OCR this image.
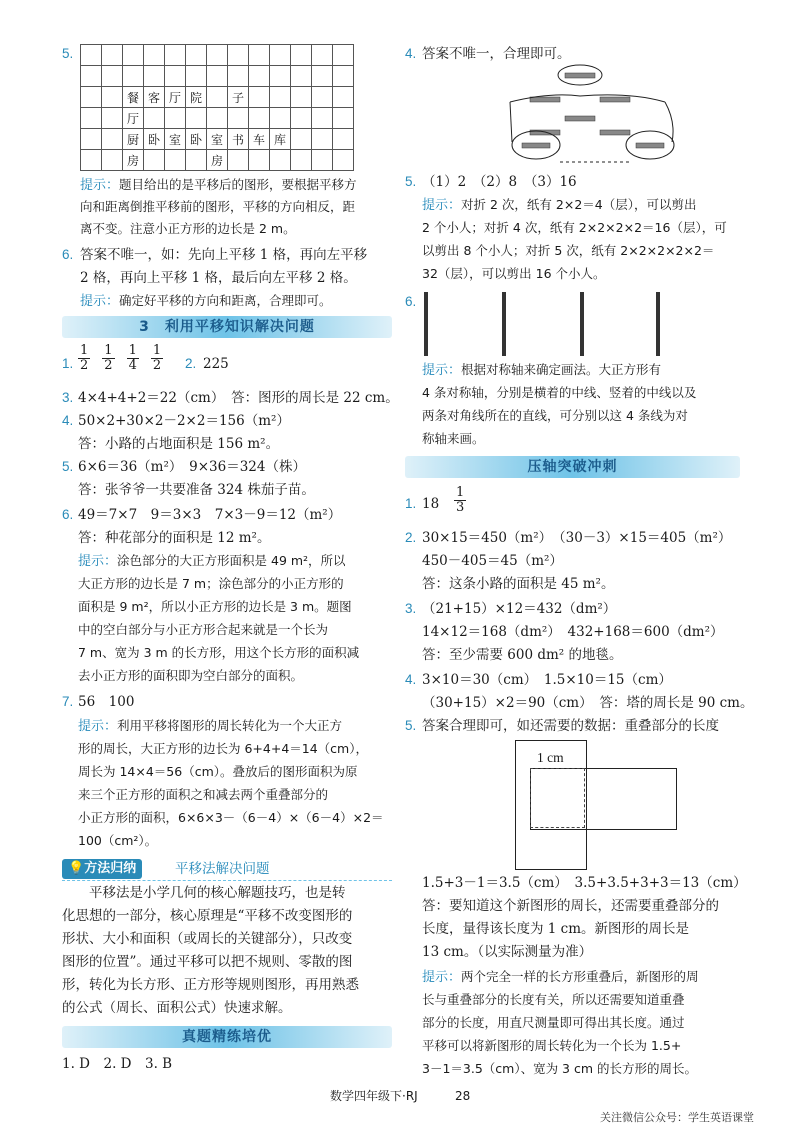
5.

		餐	客	厅	院		子					
		厅										
		厨	卧	室	卧	室	书	车	库			
		房				房						
提示：题目给出的是平移后的图形，要根据平移方
向和距离倒推平移前的图形，平移的方向相反，距
离不变。注意小正方形的边长是 2 m。
6. 答案不唯一，如：先向上平移 1 格，再向左平移
2 格，再向上平移 1 格，最后向左平移 2 格。
提示：确定好平移的方向和距离，合理即可。
3　利用平移知识解决问题
1. $\frac{1}{2} \frac{1}{2} \frac{1}{4} \frac{1}{2} 2$. 225
3. 4×4+4+2＝22（cm）　答：图形的周长是 22 cm。
4. 50×2+30×2－2×2＝156（m²）
答：小路的占地面积是 156 m²。
5. 6×6＝36（m²）　9×36＝324（株）
答：张爷爷一共要准备 324 株茄子苗。
6. 49＝7×7　9＝3×3　7×3－9＝12（m²）
答：种花部分的面积是 12 m²。
提示：涂色部分的大正方形面积是 49 m²，所以
大正方形的边长是 7 m；涂色部分的小正方形的
面积是 9 m²，所以小正方形的边长是 3 m。题图
中的空白部分与小正方形合起来就是一个长为
7 m、宽为 3 m 的长方形，用这个长方形的面积减
去小正方形的面积即为空白部分的面积。
7. 56　100
提示：利用平移将图形的周长转化为一个大正方
形的周长，大正方形的边长为 6+4+4＝14（cm），
周长为 14×4＝56（cm）。叠放后的图形面积为原
来三个正方形的面积之和减去两个重叠部分的
小正方形的面积，6×6×3－（6－4）×（6－4）×2＝
100（cm²）。
💡方法归纳	平移法解决问题
　　平移法是小学几何的核心解题技巧，也是转
化思想的一部分，核心原理是“平移不改变图形的
形状、大小和面积（或周长的关键部分），只改变
图形的位置”。通过平移可以把不规则、零散的图
形，转化为长方形、正方形等规则图形，再用熟悉
的公式（周长、面积公式）快速求解。
真题精练培优
1. D　2. D　3. B
4. 答案不唯一，合理即可。
5. （1）2　（2）8　（3）16
提示：对折 2 次，纸有 2×2＝4（层），可以剪出
2 个小人；对折 4 次，纸有 2×2×2×2＝16（层），可
以剪出 8 个小人；对折 5 次，纸有 2×2×2×2×2＝
32（层），可以剪出 16 个小人。
6.

提示：根据对称轴来确定画法。大正方形有
4 条对称轴，分别是横着的中线、竖着的中线以及
两条对角线所在的直线，可分别以这 4 条线为对
称轴来画。
压轴突破冲刺
1. $18 \frac{1}{3}$
2. 30×15＝450（m²）　（30－3）×15＝405（m²）
450－405＝45（m²）
答：这条小路的面积是 45 m²。
3. （21+15）×12＝432（dm²）
14×12＝168（dm²）　432+168＝600（dm²）
答：至少需要 600 dm² 的地毯。
4. 3×10＝30（cm）　1.5×10＝15（cm）
（30+15）×2＝90（cm）　答：塔的周长是 90 cm。
5. 答案合理即可，如还需要的数据：重叠部分的长度
1 cm
1.5+3－1＝3.5（cm）　3.5+3.5+3+3＝13（cm）
答：要知道这个新图形的周长，还需要重叠部分的
长度，量得该长度为 1 cm。新图形的周长是
13 cm。（以实际测量为准）
提示：两个完全一样的长方形重叠后，新图形的周
长与重叠部分的长度有关，所以还需要知道重叠
部分的长度，用直尺测量即可得出其长度。通过
平移可以将新图形的周长转化为一个长为 1.5+
3－1＝3.5（cm）、宽为 3 cm 的长方形的周长。
数学四年级下·RJ	28
关注微信公众号：学生英语课堂
